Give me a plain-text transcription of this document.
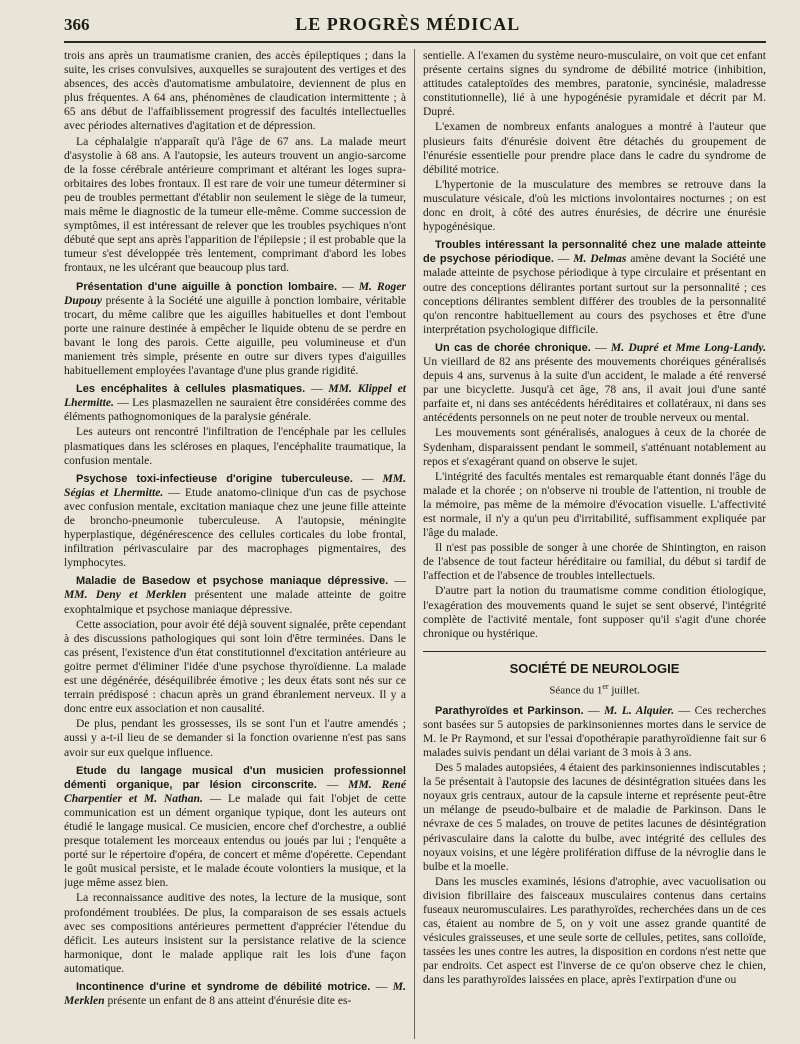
366	LE PROGRÈS MÉDICAL

trois ans après un traumatisme cranien, des accès épileptiques ; dans la suite, les crises convulsives, auxquelles se surajoutent des vertiges et des absences, des accès d'automatisme ambulatoire, deviennent de plus en plus fréquentes. A 64 ans, phénomènes de claudication intermittente ; à 65 ans début de l'affaiblissement progressif des facultés intellectuelles avec périodes alternatives d'agitation et de dépression.

La céphalalgie n'apparaît qu'à l'âge de 67 ans. La malade meurt d'asystolie à 68 ans. A l'autopsie, les auteurs trouvent un angio-sarcome de la fosse cérébrale antérieure comprimant et altérant les loges supra-orbitaires des lobes frontaux. Il est rare de voir une tumeur déterminer si peu de troubles permettant d'établir non seulement le siège de la tumeur, mais même le diagnostic de la tumeur elle-même. Comme succession de symptômes, il est intéressant de relever que les troubles psychiques n'ont débuté que sept ans après l'apparition de l'épilepsie ; il est probable que la tumeur s'est développée très lentement, comprimant d'abord les lobes frontaux, ne les ulcérant que beaucoup plus tard.

Présentation d'une aiguille à ponction lombaire. — M. Roger Dupouy présente à la Société une aiguille à ponction lombaire, véritable trocart, du même calibre que les aiguilles habituelles et dont l'embout porte une rainure destinée à empêcher le liquide obtenu de se perdre en bavant le long des parois. Cette aiguille, peu volumineuse et d'un maniement très simple, présente en outre sur divers types d'aiguilles habituellement employées l'avantage d'une plus grande rigidité.

Les encéphalites à cellules plasmatiques. — MM. Klippel et Lhermitte. — Les plasmazellen ne sauraient être considérées comme des éléments pathognomoniques de la paralysie générale.

Les auteurs ont rencontré l'infiltration de l'encéphale par les cellules plasmatiques dans les scléroses en plaques, l'encéphalite traumatique, la confusion mentale.

Psychose toxi-infectieuse d'origine tuberculeuse. — MM. Ségias et Lhermitte. — Etude anatomo-clinique d'un cas de psychose avec confusion mentale, excitation maniaque chez une jeune fille atteinte de broncho-pneumonie tuberculeuse. A l'autopsie, méningite hyperplastique, dégénérescence des cellules corticales du lobe frontal, infiltration périvasculaire par des macrophages pigmentaires, des lymphocytes.

Maladie de Basedow et psychose maniaque dépressive. — MM. Deny et Merklen présentent une malade atteinte de goitre exophtalmique et psychose maniaque dépressive.

Cette association, pour avoir été déjà souvent signalée, prête cependant à des discussions pathologiques qui sont loin d'être terminées. Dans le cas présent, l'existence d'un état constitutionnel d'excitation antérieure au goitre permet d'éliminer l'idée d'une psychose thyroïdienne. La malade est une dégénérée, déséquilibrée émotive ; les deux états sont nés sur ce terrain prédisposé : chacun après un grand ébranlement nerveux. Il y a donc entre eux association et non causalité.

De plus, pendant les grossesses, ils se sont l'un et l'autre amendés ; aussi y a-t-il lieu de se demander si la fonction ovarienne n'est pas sans avoir sur eux quelque influence.

Etude du langage musical d'un musicien professionnel démenti organique, par lésion circonscrite. — MM. René Charpentier et M. Nathan. — Le malade qui fait l'objet de cette communication est un dément organique typique, dont les auteurs ont étudié le langage musical. Ce musicien, encore chef d'orchestre, a oublié presque totalement les morceaux entendus ou joués par lui ; l'enquête a porté sur le répertoire d'opéra, de concert et même d'opérette. Cependant le goût musical persiste, et le malade écoute volontiers la musique, et la juge même assez bien.

La reconnaissance auditive des notes, la lecture de la musique, sont profondément troublées. De plus, la comparaison de ses essais actuels avec ses compositions antérieures permettent d'apprécier l'étendue du déficit. Les auteurs insistent sur la persistance relative de la science harmonique, dont le malade applique rait les lois d'une façon automatique.

Incontinence d'urine et syndrome de débilité motrice. — M. Merklen présente un enfant de 8 ans atteint d'énurésie dite es-

sentielle. A l'examen du système neuro-musculaire, on voit que cet enfant présente certains signes du syndrome de débilité motrice (inhibition, attitudes cataleptoïdes des membres, paratonie, syncinésie, maladresse constitutionnelle), lié à une hypogénésie pyramidale et décrit par M. Dupré.

L'examen de nombreux enfants analogues a montré à l'auteur que plusieurs faits d'énurésie doivent être détachés du groupement de l'énurésie essentielle pour prendre place dans le cadre du syndrome de débilité motrice.

L'hypertonie de la musculature des membres se retrouve dans la musculature vésicale, d'où les mictions involontaires nocturnes ; on est donc en droit, à côté des autres énurésies, de décrire une énurésie hypogénésique.

Troubles intéressant la personnalité chez une malade atteinte de psychose périodique. — M. Delmas amène devant la Société une malade atteinte de psychose périodique à type circulaire et présentant en outre des conceptions délirantes portant surtout sur la personnalité ; ces conceptions délirantes semblent différer des troubles de la personnalité qu'on rencontre habituellement au cours des psychoses et être d'une interprétation psychologique difficile.

Un cas de chorée chronique. — M. Dupré et Mme Long-Landy. Un vieillard de 82 ans présente des mouvements choréiques généralisés depuis 4 ans, survenus à la suite d'un accident, le malade a été renversé par une bicyclette. Jusqu'à cet âge, 78 ans, il avait joui d'une santé parfaite et, ni dans ses antécédents héréditaires et collatéraux, ni dans ses antécédents personnels on ne peut noter de trouble nerveux ou mental.

Les mouvements sont généralisés, analogues à ceux de la chorée de Sydenham, disparaissent pendant le sommeil, s'atténuant notablement au repos et s'exagérant quand on observe le sujet.

L'intégrité des facultés mentales est remarquable étant donnés l'âge du malade et la chorée ; on n'observe ni trouble de l'attention, ni trouble de la mémoire, pas même de la mémoire d'évocation visuelle. L'affectivité est normale, il n'y a qu'un peu d'irritabilité, suffisamment expliquée par l'âge du malade.

Il n'est pas possible de songer à une chorée de Shintington, en raison de l'absence de tout facteur héréditaire ou familial, du début si tardif de l'affection et de l'absence de troubles intellectuels.

D'autre part la notion du traumatisme comme condition étiologique, l'exagération des mouvements quand le sujet se sent observé, l'intégrité complète de l'activité mentale, font supposer qu'il s'agit d'une chorée chronique ou hystérique.

SOCIÉTÉ DE NEUROLOGIE
Séance du 1er juillet.

Parathyroïdes et Parkinson. — M. L. Alquier. — Ces recherches sont basées sur 5 autopsies de parkinsoniennes mortes dans le service de M. le Pr Raymond, et sur l'essai d'opothérapie parathyroïdienne fait sur 6 malades suivis pendant un délai variant de 3 mois à 3 ans.

Des 5 malades autopsiées, 4 étaient des parkinsoniennes indiscutables ; la 5e présentait à l'autopsie des lacunes de désintégration situées dans les noyaux gris centraux, autour de la capsule interne et représente peut-être un mélange de pseudo-bulbaire et de maladie de Parkinson. Dans le névraxe de ces 5 malades, on trouve de petites lacunes de désintégration périvasculaire dans la calotte du bulbe, avec intégrité des cellules des noyaux voisins, et une légère prolifération diffuse de la névroglie dans le bulbe et la moelle.

Dans les muscles examinés, lésions d'atrophie, avec vacuolisation ou division fibrillaire des faisceaux musculaires contenus dans certains fuseaux neuromusculaires. Les parathyroïdes, recherchées dans un de ces cas, étaient au nombre de 5, on y voit une assez grande quantité de vésicules graisseuses, et une seule sorte de cellules, petites, sans colloïde, tassées les unes contre les autres, la disposition en cordons n'est nette que par endroits. Cet aspect est l'inverse de ce qu'on observe chez le chien, dans les parathyroïdes laissées en place, après l'extirpation d'une ou
